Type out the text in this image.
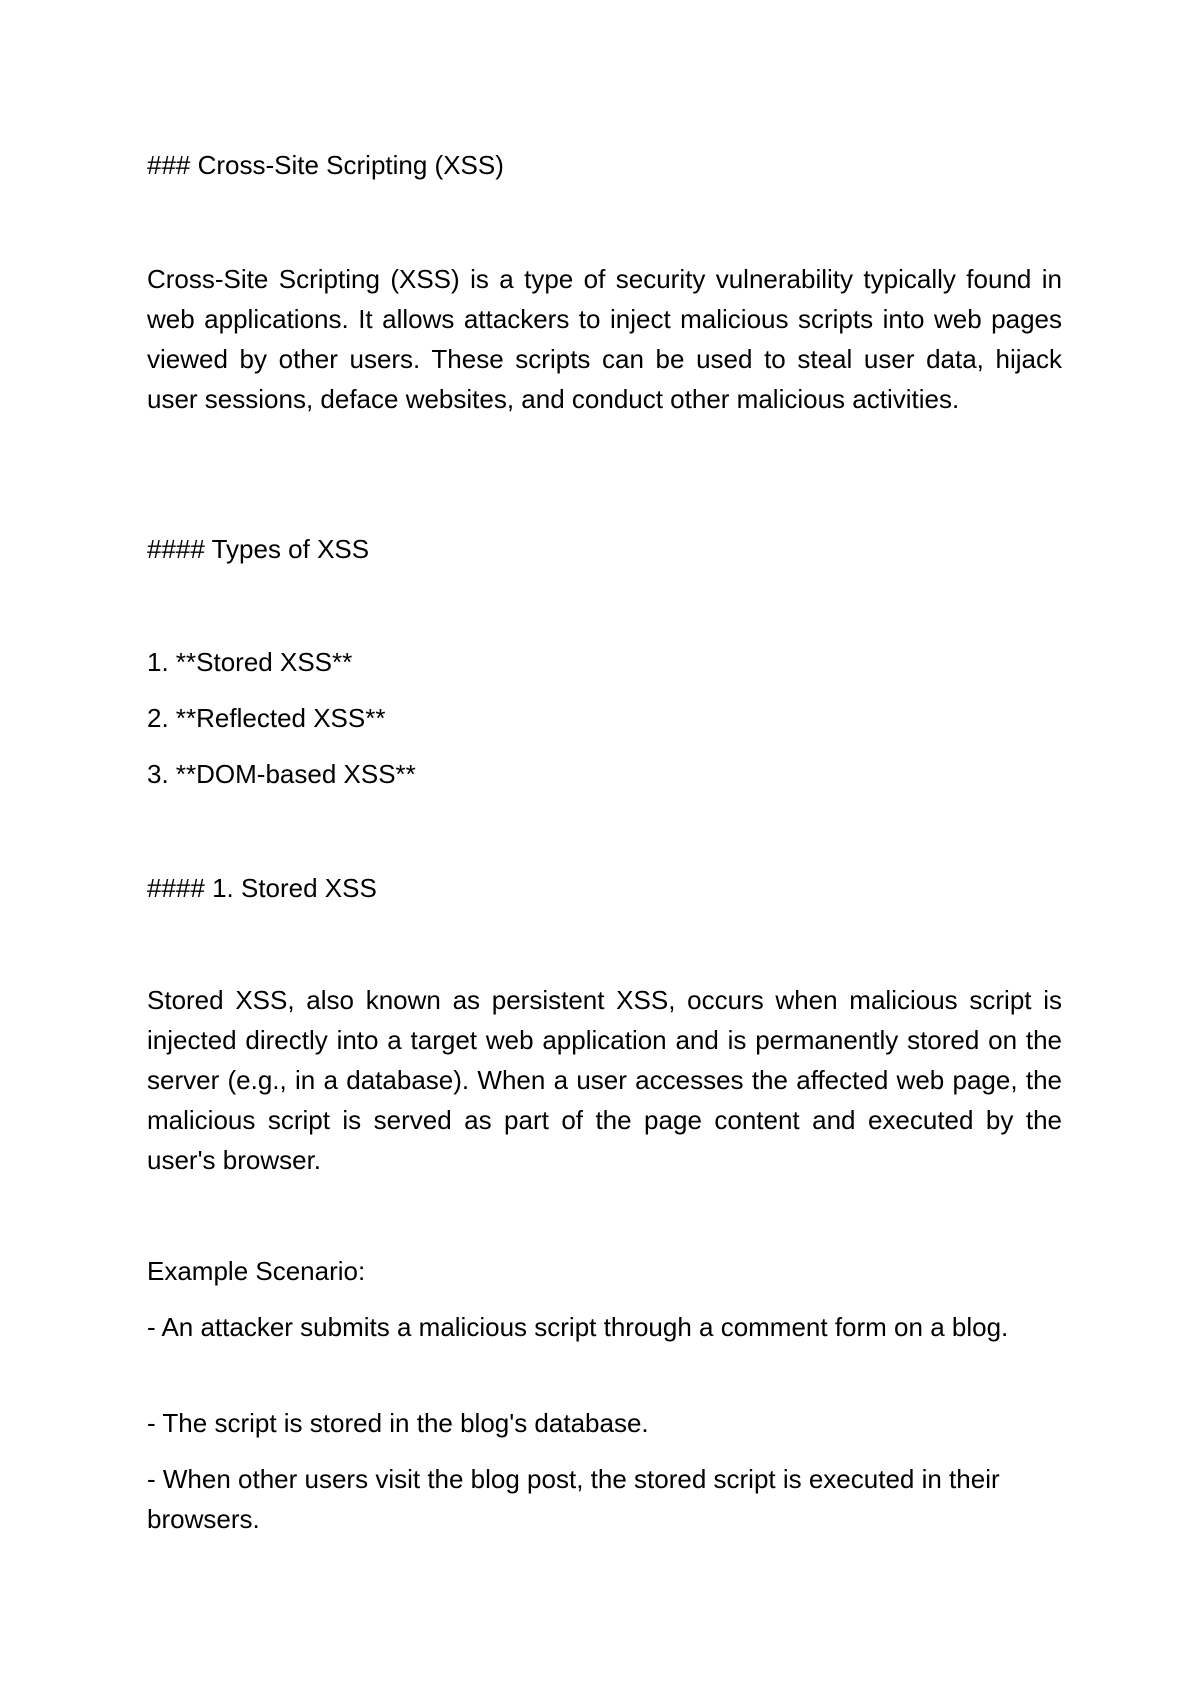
### Cross-Site Scripting (XSS)

Cross-Site Scripting (XSS) is a type of security vulnerability typically found in web applications. It allows attackers to inject malicious scripts into web pages viewed by other users. These scripts can be used to steal user data, hijack user sessions, deface websites, and conduct other malicious activities.

#### Types of XSS

1. **Stored XSS**

2. **Reflected XSS**

3. **DOM-based XSS**

#### 1. Stored XSS

Stored XSS, also known as persistent XSS, occurs when malicious script is injected directly into a target web application and is permanently stored on the server (e.g., in a database). When a user accesses the affected web page, the malicious script is served as part of the page content and executed by the user's browser.

Example Scenario:

- An attacker submits a malicious script through a comment form on a blog.

- The script is stored in the blog's database.

- When other users visit the blog post, the stored script is executed in their browsers.
